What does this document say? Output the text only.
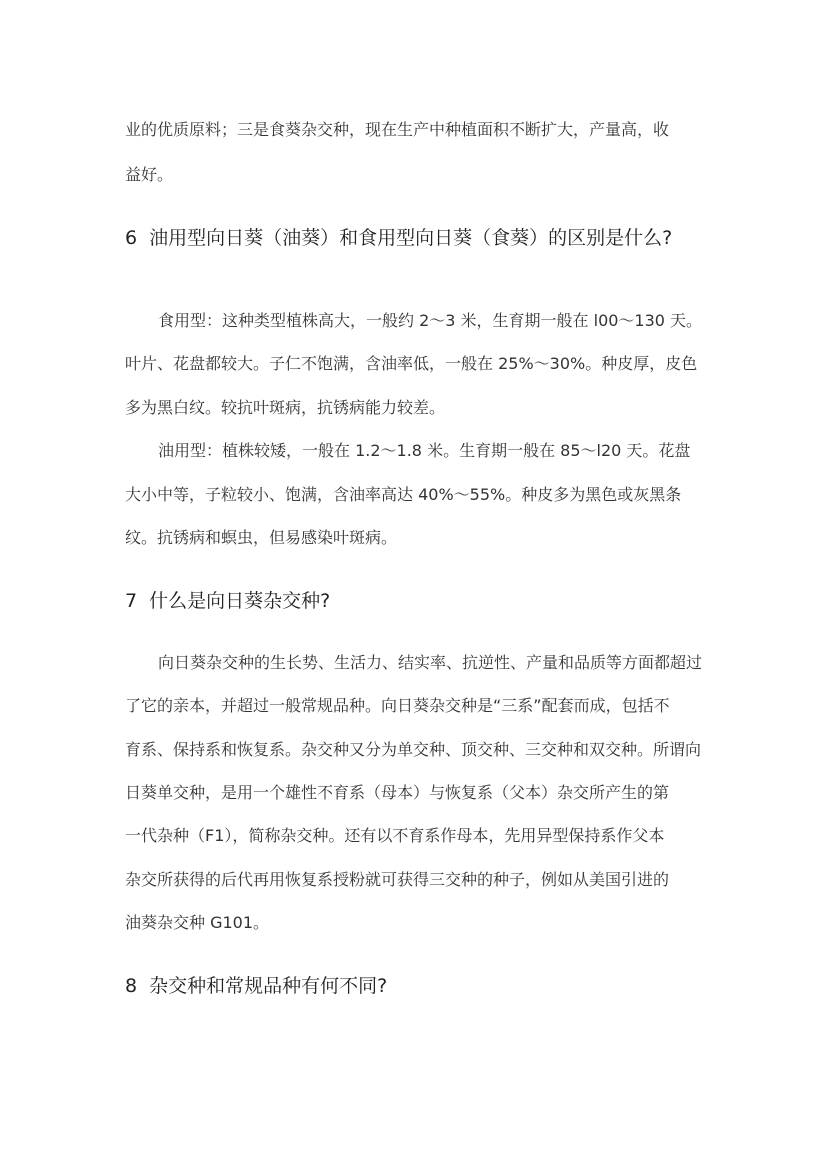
业的优质原料；三是食葵杂交种，现在生产中种植面积不断扩大，产量高，收
益好。
6 油用型向日葵（油葵）和食用型向日葵（食葵）的区别是什么?
食用型：这种类型植株高大，一般约 2～3 米，生育期一般在 l00～130 天。
叶片、花盘都较大。子仁不饱满，含油率低，一般在 25%～30%。种皮厚，皮色
多为黑白纹。较抗叶斑病，抗锈病能力较差。
油用型：植株较矮，一般在 1.2～1.8 米。生育期一般在 85～l20 天。花盘
大小中等，子粒较小、饱满，含油率高达 40%～55%。种皮多为黑色或灰黑条
纹。抗锈病和螟虫，但易感染叶斑病。
7 什么是向日葵杂交种?
向日葵杂交种的生长势、生活力、结实率、抗逆性、产量和品质等方面都超过
了它的亲本，并超过一般常规品种。向日葵杂交种是“三系”配套而成，包括不
育系、保持系和恢复系。杂交种又分为单交种、顶交种、三交种和双交种。所谓向
日葵单交种，是用一个雄性不育系（母本）与恢复系（父本）杂交所产生的第
一代杂种（F1），简称杂交种。还有以不育系作母本，先用异型保持系作父本
杂交所获得的后代再用恢复系授粉就可获得三交种的种子，例如从美国引进的
油葵杂交种 G101。
8 杂交种和常规品种有何不同?
